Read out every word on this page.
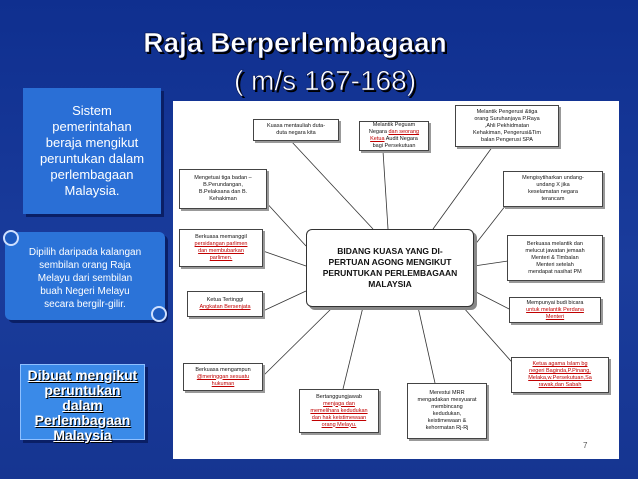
Raja Berperlembagaan
( m/s 167-168)
Sistem
pemerintahan
beraja mengikut
peruntukan dalam
perlembagaan
Malaysia.
Dipilih daripada kalangan
sembilan orang Raja
Melayu dari sembilan
buah Negeri Melayu
secara bergilr-gilir.
Dibuat mengikut
peruntukan
dalam
Perlembagaan
Malaysia
BIDANG KUASA YANG DI-
PERTUAN AGONG MENGIKUT
PERUNTUKAN PERLEMBAGAAN
MALAYSIA
Kuasa mentauliah duta-
duta negara kita
Melantik Peguam
Negara dan seorang
Ketua Audit Negara
bagi Persekutuan
Melantik Pengerusi &tiga
orang Suruhanjaya P.Raya
,Ahli Pekhidmatan
Kehakiman, Pengerusi&Tim
balan Pengerusi SPA
Mengetuai tiga badan –
B.Perundangan,
B.Pelaksana dan B.
Kehakiman
Mengisytiharkan undang-
undang X jika
keselamatan negara
terancam
Berkuasa memanggil
persidangan parlimen
dan membubarkan
parlimen.
Berkuasa melantik dan
melucut jawatan jemaah
Menteri & Timbalan
Menteri setelah
mendapat nasihat PM
Ketua Tertinggi
Angkatan Bersenjata
Mempunyai budi bicara
untuk melantik Perdana
Menteri
Berkuasa mengampun
@meringgan sesuatu
hukuman
Ketua agama Islam bg
negeri Baginda,P.Pinang,
Melaka,w.Persekutuan,Sa
rawak,dan Sabah
Bertanggungjawab
menjaga dan
memelihara kedudukan
dan hak keistimewaan
orang Melayu.
Merestui MRR
mengadakan mesyuarat
membincang
kedudukan,
keistimewaan &
kehormatan Rj-Rj
7
